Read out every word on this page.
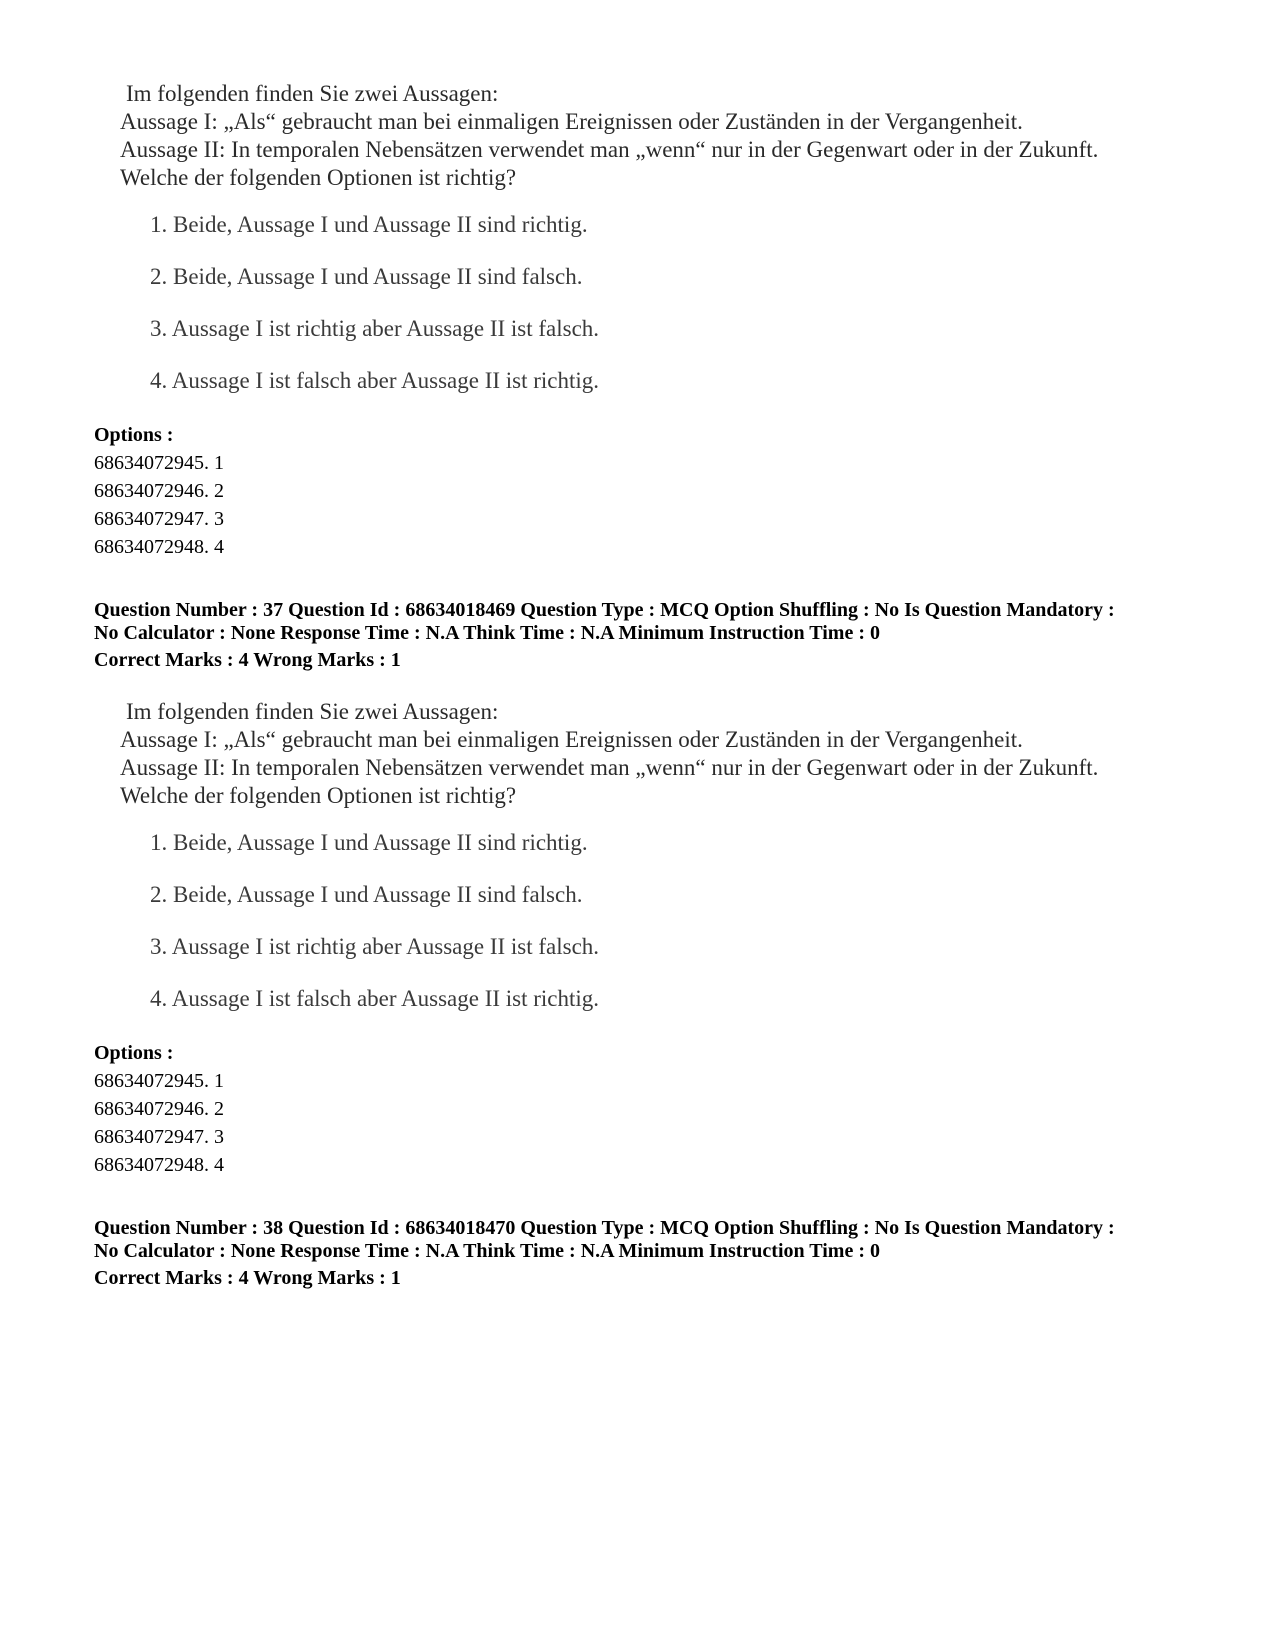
Im folgenden finden Sie zwei Aussagen:

Aussage I: „Als“ gebraucht man bei einmaligen Ereignissen oder Zuständen in der Vergangenheit.

Aussage II: In temporalen Nebensätzen verwendet man „wenn“ nur in der Gegenwart oder in der Zukunft.

Welche der folgenden Optionen ist richtig?

1. Beide, Aussage I und Aussage II sind richtig.
2. Beide, Aussage I und Aussage II sind falsch.
3. Aussage I ist richtig aber Aussage II ist falsch.
4. Aussage I ist falsch aber Aussage II ist richtig.
Options :
68634072945. 1
68634072946. 2
68634072947. 3
68634072948. 4
Question Number : 37 Question Id : 68634018469 Question Type : MCQ Option Shuffling : No Is Question Mandatory :
No Calculator : None Response Time : N.A Think Time : N.A Minimum Instruction Time : 0
Correct Marks : 4 Wrong Marks : 1

Im folgenden finden Sie zwei Aussagen:

Aussage I: „Als“ gebraucht man bei einmaligen Ereignissen oder Zuständen in der Vergangenheit.

Aussage II: In temporalen Nebensätzen verwendet man „wenn“ nur in der Gegenwart oder in der Zukunft.

Welche der folgenden Optionen ist richtig?

1. Beide, Aussage I und Aussage II sind richtig.
2. Beide, Aussage I und Aussage II sind falsch.
3. Aussage I ist richtig aber Aussage II ist falsch.
4. Aussage I ist falsch aber Aussage II ist richtig.
Options :
68634072945. 1
68634072946. 2
68634072947. 3
68634072948. 4
Question Number : 38 Question Id : 68634018470 Question Type : MCQ Option Shuffling : No Is Question Mandatory :
No Calculator : None Response Time : N.A Think Time : N.A Minimum Instruction Time : 0
Correct Marks : 4 Wrong Marks : 1
